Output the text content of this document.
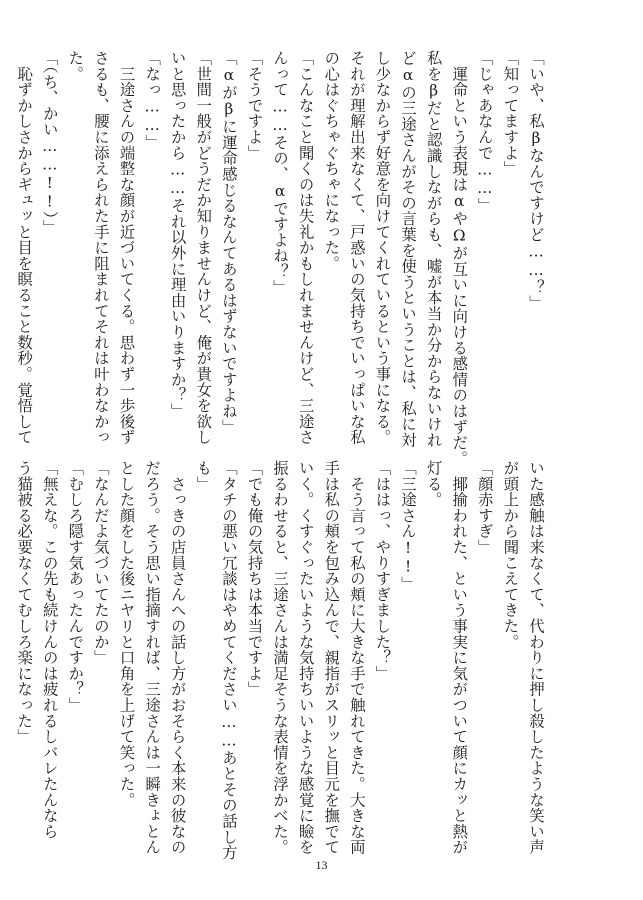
「いや、私βなんですけど……？」

「知ってますよ」

「じゃあなんで……」

　運命という表現はαやΩが互いに向ける感情のはずだ。

私をβだと認識しながらも、嘘が本当か分からないけれ

どαの三途さんがその言葉を使うということは、私に対

し少なからず好意を向けてくれているという事になる。

それが理解出来なくて、戸惑いの気持ちでいっぱいな私

の心はぐちゃぐちゃになった。

「こんなこと聞くのは失礼かもしれませんけど、三途さ

んって……その、αですよね？」

「そうですよ」

「αがβに運命感じるなんてあるはずないですよね」

「世間一般がどうだか知りませんけど、俺が貴女を欲し

いと思ったから……それ以外に理由いりますか？」

「なっ……」

　三途さんの端整な顔が近づいてくる。思わず一歩後ず

さるも、腰に添えられた手に阻まれてそれは叶わなかっ

た。

「（ち、かい……!!）」

　恥ずかしさからギュッと目を瞑ること数秒。覚悟して

いた感触は来なくて、代わりに押し殺したような笑い声

が頭上から聞こえてきた。

「顔赤すぎ」

　揶揄われた、という事実に気がついて顔にカッと熱が

灯る。

「三途さん!!」

「ははっ、やりすぎました？」

　そう言って私の頬に大きな手で触れてきた。大きな両

手は私の頬を包み込んで、親指がスリッと目元を撫でて

いく。くすぐったいような気持ちいいような感覚に瞼を

振るわせると、三途さんは満足そうな表情を浮かべた。

「でも俺の気持ちは本当ですよ」

「タチの悪い冗談はやめてください……あとその話し方

も」

　さっきの店員さんへの話し方がおそらく本来の彼なの

だろう。そう思い指摘すれば、三途さんは一瞬きょとん

とした顔をした後ニヤリと口角を上げて笑った。

「なんだよ気づいてたのか」

「むしろ隠す気あったんですか？」

「無えな。この先も続けんのは疲れるしバレたんなら

う猫被る必要なくてむしろ楽になった」

13
